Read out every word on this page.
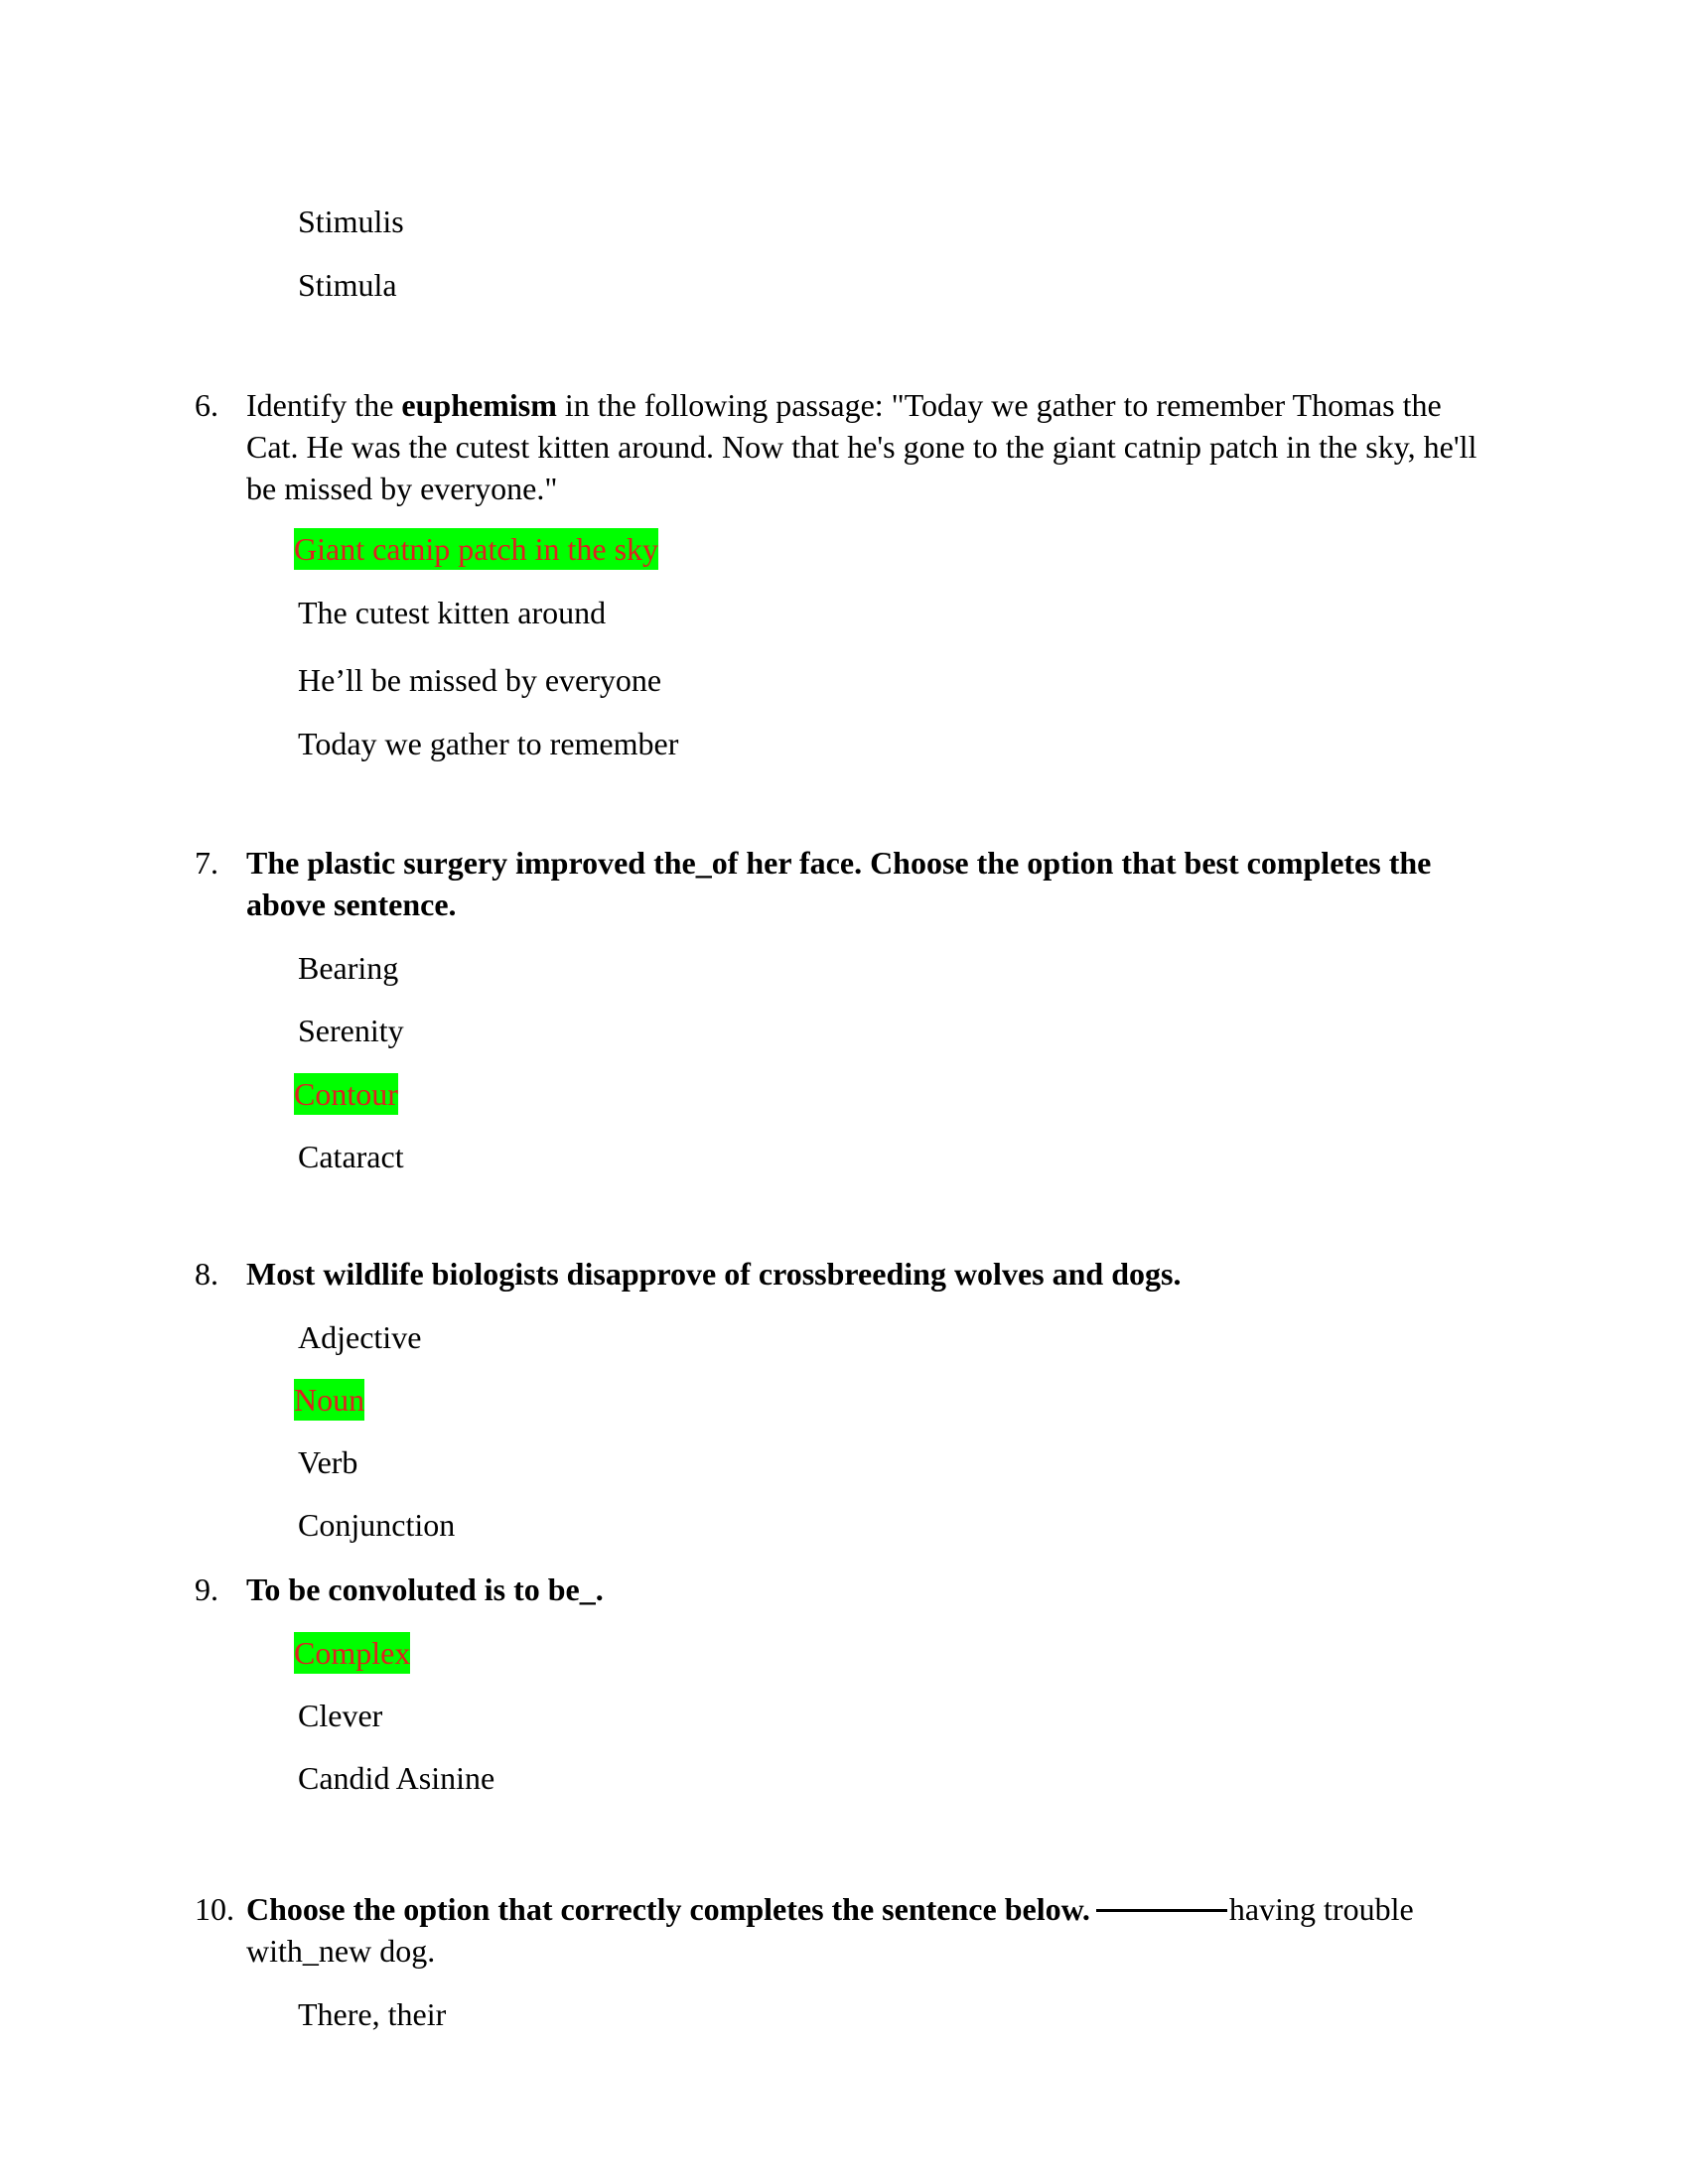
Stimulis
Stimula
6. Identify the euphemism in the following passage: "Today we gather to remember Thomas the Cat. He was the cutest kitten around. Now that he's gone to the giant catnip patch in the sky, he'll be missed by everyone."
Giant catnip patch in the sky
The cutest kitten around
He’ll be missed by everyone
Today we gather to remember
7. The plastic surgery improved the_of her face. Choose the option that best completes the above sentence.
Bearing
Serenity
Contour
Cataract
8. Most wildlife biologists disapprove of crossbreeding wolves and dogs.
Adjective
Noun
Verb
Conjunction
9. To be convoluted is to be_.
Complex
Clever
Candid Asinine
10. Choose the option that correctly completes the sentence below.	having trouble with_new dog.
There, their
